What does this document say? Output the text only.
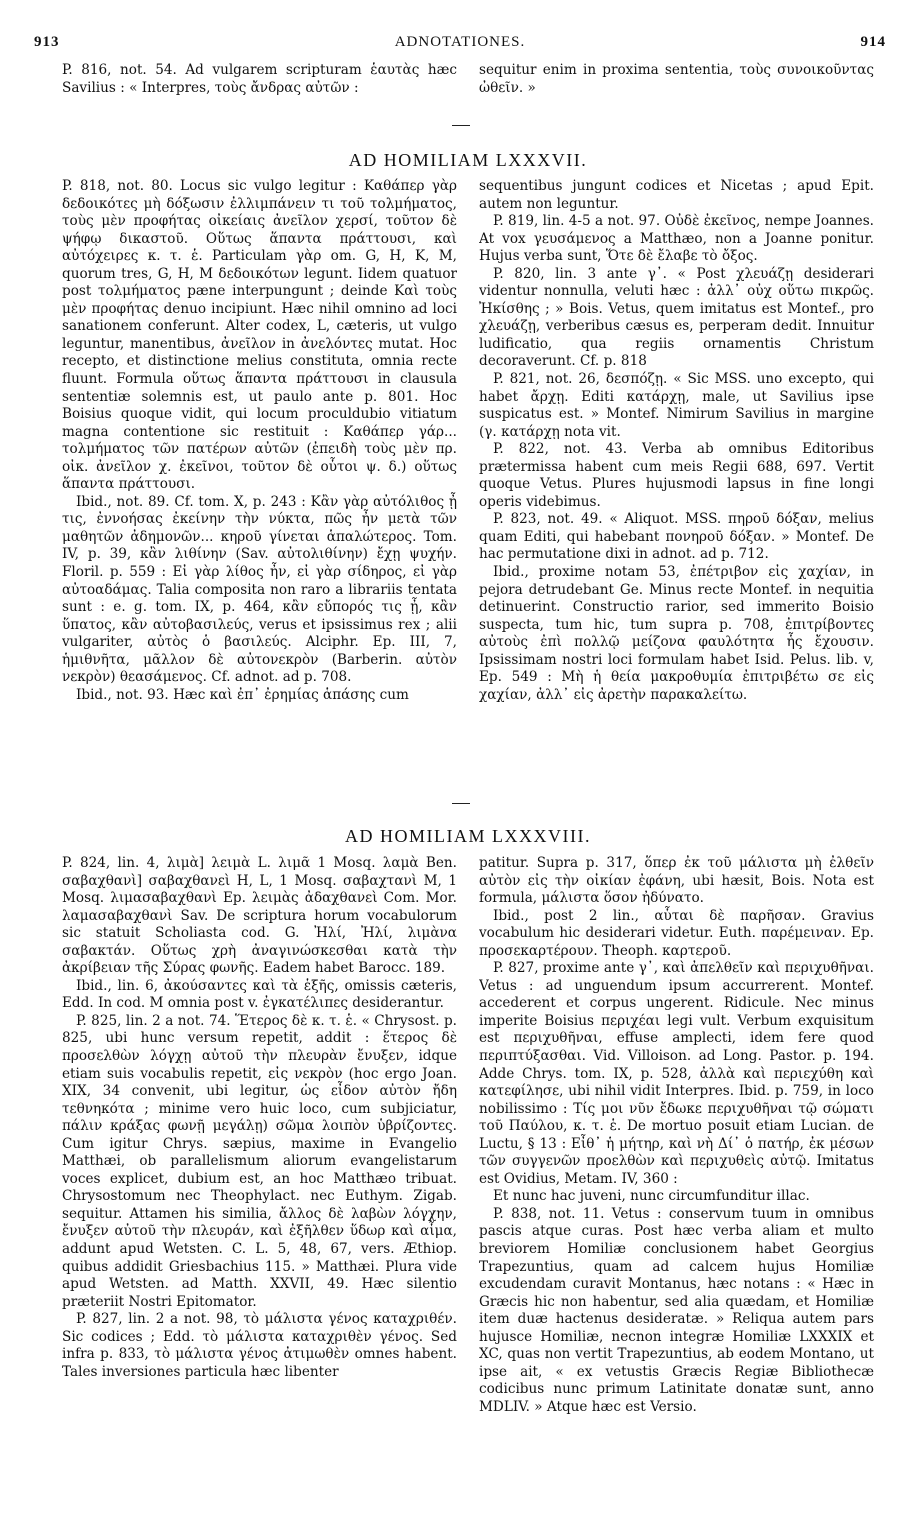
913	ADNOTATIONES.	914

P. 816, not. 54. Ad vulgarem scripturam ἑαυτὰς hæc Savilius : « Interpres, τοὺς ἄνδρας αὐτῶν :

sequitur enim in proxima sententia, τοὺς συνοικοῦντας ὠθεῖν. »

AD HOMILIAM LXXXVII.

P. 818, not. 80. Locus sic vulgo legitur : Καθάπερ γὰρ δεδοικότες μὴ δόξωσιν ἐλλιμπάνειν τι τοῦ τολμήματος, τοὺς μὲν προφήτας οἰκείαις ἀνεῖλον χερσί, τοῦτον δὲ ψήφῳ δικαστοῦ. Οὕτως ἅπαντα πράττουσι, καὶ αὐτόχειρες κ. τ. ἑ. Particulam γὰρ om. G, H, K, M, quorum tres, G, H, M δεδοικότων legunt. Iidem quatuor post τολμήματος pæne interpungunt ; deinde Καὶ τοὺς μὲν προφήτας denuo incipiunt. Hæc nihil omnino ad loci sanationem conferunt. Alter codex, L, cæteris, ut vulgo leguntur, manentibus, ἀνεῖλον in ἀνελόντες mutat. Hoc recepto, et distinctione melius constituta, omnia recte fluunt. Formula οὕτως ἅπαντα πράττουσι in clausula sententiæ solemnis est, ut paulo ante p. 801. Hoc Boisius quoque vidit, qui locum proculdubio vitiatum magna contentione sic restituit : Καθάπερ γάρ... τολμήματος τῶν πατέρων αὐτῶν (ἐπειδὴ τοὺς μὲν πρ. οἰκ. ἀνεῖλον χ. ἐκεῖνοι, τοῦτον δὲ οὗτοι ψ. δ.) οὕτως ἅπαντα πράττουσι.

Ibid., not. 89. Cf. tom. X, p. 243 : Κἂν γὰρ αὐτόλιθος ᾖ τις, ἐννοήσας ἐκείνην τὴν νύκτα, πῶς ἦν μετὰ τῶν μαθητῶν ἀδημονῶν... κηροῦ γίνεται ἁπαλώτερος. Tom. IV, p. 39, κἂν λιθίνην (Sav. αὐτολιθίνην) ἔχῃ ψυχήν. Floril. p. 559 : Εἰ γὰρ λίθος ἦν, εἰ γὰρ σίδηρος, εἰ γὰρ αὐτοαδάμας. Talia composita non raro a librariis tentata sunt : e. g. tom. IX, p. 464, κἂν εὔπορός τις ᾖ, κἂν ὕπατος, κἂν αὐτοβασιλεύς, verus et ipsissimus rex ; alii vulgariter, αὐτὸς ὁ βασιλεύς. Alciphr. Ep. III, 7, ἡμιθνῆτα, μᾶλλον δὲ αὐτονεκρὸν (Barberin. αὐτὸν νεκρὸν) θεασάμενος. Cf. adnot. ad p. 708.

Ibid., not. 93. Hæc καὶ ἐπ᾽ ἐρημίας ἁπάσης cum

sequentibus jungunt codices et Nicetas ; apud Epit. autem non leguntur.

P. 819, lin. 4-5 a not. 97. Οὐδὲ ἐκεῖνος, nempe Joannes. At vox γευσάμενος a Matthæo, non a Joanne ponitur. Hujus verba sunt, Ὅτε δὲ ἔλαβε τὸ ὄξος.

P. 820, lin. 3 ante γ᾽. « Post χλευάζῃ desiderari videntur nonnulla, veluti hæc : ἀλλ᾽ οὐχ οὕτω πικρῶς. Ἠκίσθης ; » Bois. Vetus, quem imitatus est Montef., pro χλευάζῃ, verberibus cæsus es, perperam dedit. Innuitur ludificatio, qua regiis ornamentis Christum decoraverunt. Cf. p. 818

P. 821, not. 26, δεσπόζῃ. « Sic MSS. uno excepto, qui habet ἄρχῃ. Editi κατάρχῃ, male, ut Savilius ipse suspicatus est. » Montef. Nimirum Savilius in margine (γ. κατάρχῃ nota vit.

P. 822, not. 43. Verba ab omnibus Editoribus prætermissa habent cum meis Regii 688, 697. Vertit quoque Vetus. Plures hujusmodi lapsus in fine longi operis videbimus.

P. 823, not. 49. « Aliquot. MSS. πηροῦ δόξαν, melius quam Editi, qui habebant πονηροῦ δόξαν. » Montef. De hac permutatione dixi in adnot. ad p. 712.

Ibid., proxime notam 53, ἐπέτριβον εἰς χαχίαν, in pejora detrudebant Ge. Minus recte Montef. in nequitia detinuerint. Constructio rarior, sed immerito Boisio suspecta, tum hic, tum supra p. 708, ἐπιτρίβοντες αὐτοὺς ἐπὶ πολλῷ μείζονα φαυλότητα ἧς ἔχουσιν. Ipsissimam nostri loci formulam habet Isid. Pelus. lib. v, Ep. 549 : Μὴ ἡ θεία μακροθυμία ἐπιτριβέτω σε εἰς χαχίαν, ἀλλ᾽ εἰς ἀρετὴν παρακαλείτω.

AD HOMILIAM LXXXVIII.

P. 824, lin. 4, λιμὰ] λειμὰ L. λιμᾶ 1 Mosq. λαμὰ Ben. σαβαχθανὶ] σαβαχθανεὶ H, L, 1 Mosq. σαβαχτανὶ M, 1 Mosq. λιμασαβαχθανὶ Ep. λειμὰς ἀδαχθανεὶ Com. Mor. λαμασαβαχθανὶ Sav. De scriptura horum vocabulorum sic statuit Scholiasta cod. G. Ἠλί, Ἠλί, λιμὰνα σαβακτάν. Οὕτως χρὴ ἀναγινώσκεσθαι κατὰ τὴν ἀκρίβειαν τῆς Σύρας φωνῆς. Eadem habet Barocc. 189.

Ibid., lin. 6, ἀκούσαντες καὶ τὰ ἑξῆς, omissis cæteris, Edd. In cod. M omnia post v. ἐγκατέλιπες desiderantur.

P. 825, lin. 2 a not. 74. Ἕτερος δὲ κ. τ. ἑ. « Chrysost. p. 825, ubi hunc versum repetit, addit : ἕτερος δὲ προσελθὼν λόγχῃ αὐτοῦ τὴν πλευρὰν ἔνυξεν, idque etiam suis vocabulis repetit, εἰς νεκρὸν (hoc ergo Joan. XIX, 34 convenit, ubi legitur, ὡς εἶδον αὐτὸν ἤδη τεθνηκότα ; minime vero huic loco, cum subjiciatur, πάλιν κράξας φωνῇ μεγάλῃ) σῶμα λοιπὸν ὑβρίζοντες. Cum igitur Chrys. sæpius, maxime in Evangelio Matthæi, ob parallelismum aliorum evangelistarum voces explicet, dubium est, an hoc Matthæo tribuat. Chrysostomum nec Theophylact. nec Euthym. Zigab. sequitur. Attamen his similia, ἄλλος δὲ λαβὼν λόγχην, ἔνυξεν αὐτοῦ τὴν πλευράν, καὶ ἐξῆλθεν ὕδωρ καὶ αἷμα, addunt apud Wetsten. C. L. 5, 48, 67, vers. Æthiop. quibus addidit Griesbachius 115. » Matthæi. Plura vide apud Wetsten. ad Matth. XXVII, 49. Hæc silentio præteriit Nostri Epitomator.

P. 827, lin. 2 a not. 98, τὸ μάλιστα γένος καταχριθέν. Sic codices ; Edd. τὸ μάλιστα καταχριθὲν γένος. Sed infra p. 833, τὸ μάλιστα γένος ἀτιμωθὲν omnes habent. Tales inversiones particula hæc libenter

patitur. Supra p. 317, ὅπερ ἐκ τοῦ μάλιστα μὴ ἐλθεῖν αὐτὸν εἰς τὴν οἰκίαν ἐφάνη, ubi hæsit, Bois. Nota est formula, μάλιστα ὅσον ἠδύνατο.

Ibid., post 2 lin., αὗται δὲ παρῆσαν. Gravius vocabulum hic desiderari videtur. Euth. παρέμειναν. Ep. προσεκαρτέρουν. Theoph. καρτεροῦ.

P. 827, proxime ante γ᾽, καὶ ἀπελθεῖν καὶ περιχυθῆναι. Vetus : ad unguendum ipsum accurrerent. Montef. accederent et corpus ungerent. Ridicule. Nec minus imperite Boisius περιχέαι legi vult. Verbum exquisitum est περιχυθῆναι, effuse amplecti, idem fere quod περιπτύξασθαι. Vid. Villoison. ad Long. Pastor. p. 194. Adde Chrys. tom. IX, p. 528, ἀλλὰ καὶ περιεχύθη καὶ κατεφίλησε, ubi nihil vidit Interpres. Ibid. p. 759, in loco nobilissimo : Τίς μοι νῦν ἔδωκε περιχυθῆναι τῷ σώματι τοῦ Παύλου, κ. τ. ἑ. De mortuo posuit etiam Lucian. de Luctu, § 13 : Εἶθ᾽ ἡ μήτηρ, καὶ νὴ Δί᾽ ὁ πατήρ, ἐκ μέσων τῶν συγγενῶν προελθὼν καὶ περιχυθεὶς αὐτῷ. Imitatus est Ovidius, Metam. IV, 360 :

Et nunc hac juveni, nunc circumfunditur illac.

P. 838, not. 11. Vetus : conservum tuum in omnibus pascis atque curas. Post hæc verba aliam et multo breviorem Homiliæ conclusionem habet Georgius Trapezuntius, quam ad calcem hujus Homiliæ excudendam curavit Montanus, hæc notans : « Hæc in Græcis hic non habentur, sed alia quædam, et Homiliæ item duæ hactenus desideratæ. » Reliqua autem pars hujusce Homiliæ, necnon integræ Homiliæ LXXXIX et XC, quas non vertit Trapezuntius, ab eodem Montano, ut ipse ait, « ex vetustis Græcis Regiæ Bibliothecæ codicibus nunc primum Latinitate donatæ sunt, anno MDLIV. » Atque hæc est Versio.
